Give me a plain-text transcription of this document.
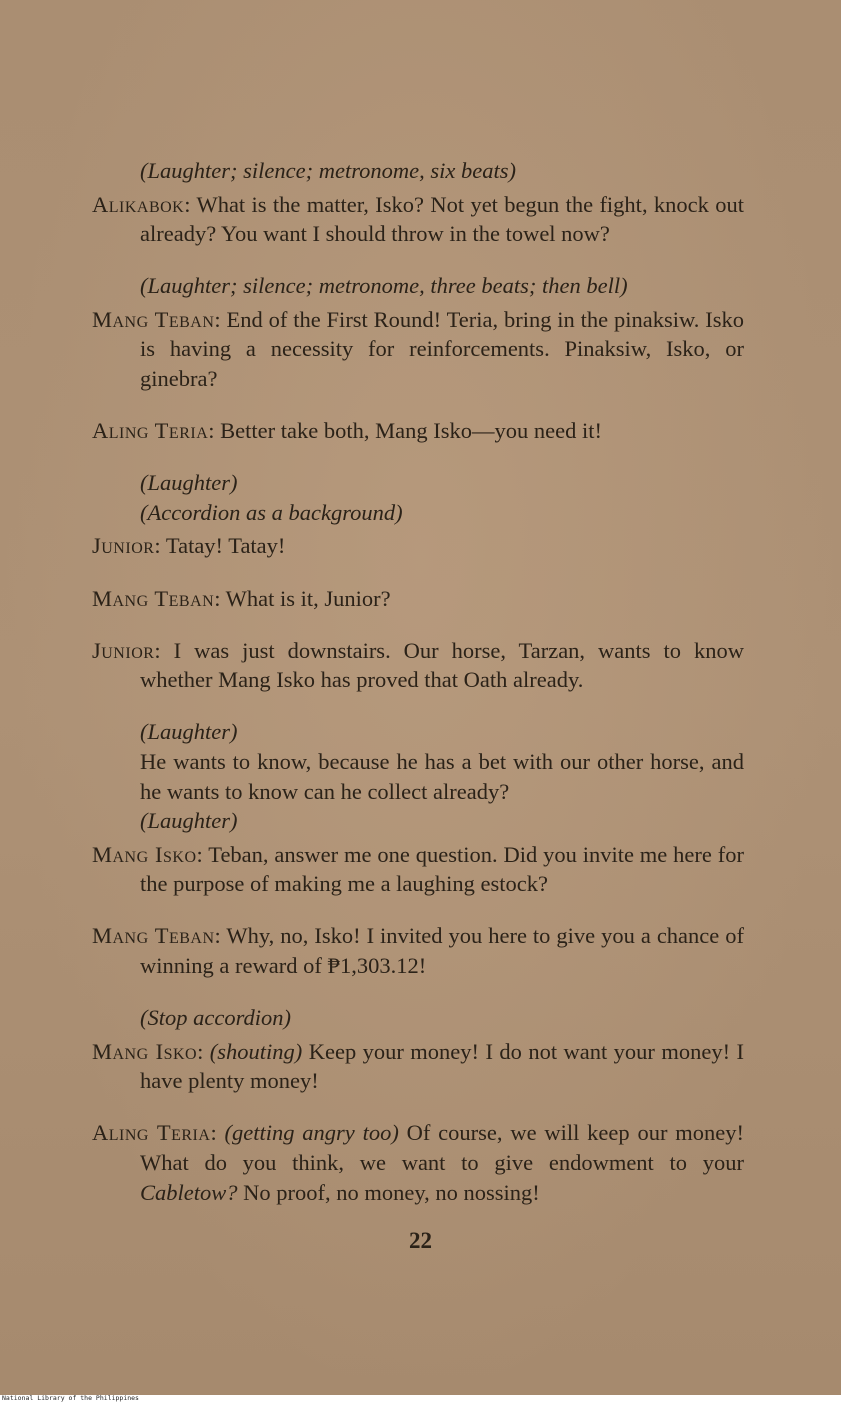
(Laughter; silence; metronome, six beats)

Alikabok: What is the matter, Isko? Not yet begun the fight, knock out already? You want I should throw in the towel now?

(Laughter; silence; metronome, three beats; then bell)

Mang Teban: End of the First Round! Teria, bring in the pinaksiw. Isko is having a necessity for reinforcements. Pinaksiw, Isko, or ginebra?

Aling Teria: Better take both, Mang Isko—you need it!

(Laughter)

(Accordion as a background)

Junior: Tatay! Tatay!

Mang Teban: What is it, Junior?

Junior: I was just downstairs. Our horse, Tarzan, wants to know whether Mang Isko has proved that Oath already.

(Laughter)

He wants to know, because he has a bet with our other horse, and he wants to know can he collect already?

(Laughter)

Mang Isko: Teban, answer me one question. Did you invite me here for the purpose of making me a laughing estock?

Mang Teban: Why, no, Isko! I invited you here to give you a chance of winning a reward of ₱1,303.12!

(Stop accordion)

Mang Isko: (shouting) Keep your money! I do not want your money! I have plenty money!

Aling Teria: (getting angry too) Of course, we will keep our money! What do you think, we want to give endowment to your Cabletow? No proof, no money, no nossing!

22
National Library of the Philippines
